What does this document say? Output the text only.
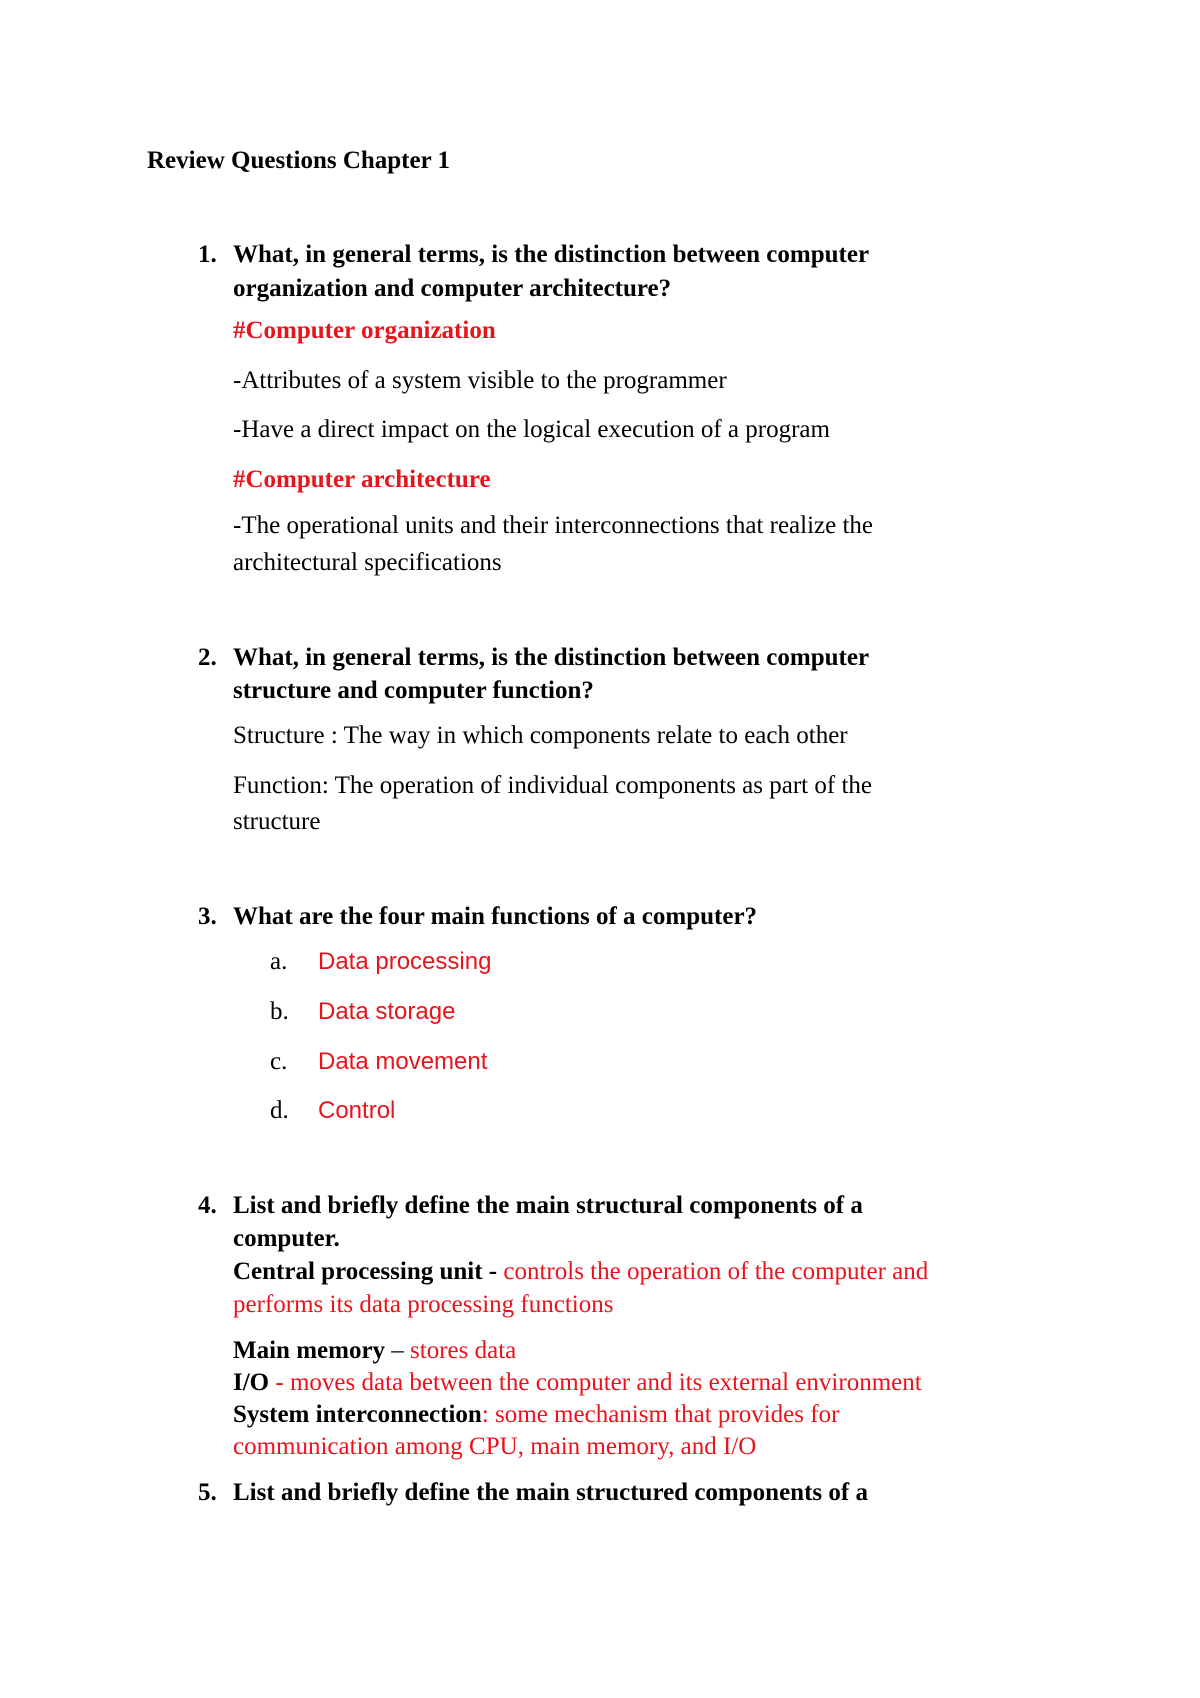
Review Questions Chapter 1
1. What, in general terms, is the distinction between computer
organization and computer architecture?
#Computer organization
-Attributes of a system visible to the programmer
-Have a direct impact on the logical execution of a program
#Computer architecture
-The operational units and their interconnections that realize the
architectural specifications
2. What, in general terms, is the distinction between computer
structure and computer function?
Structure : The way in which components relate to each other
Function: The operation of individual components as part of the
structure
3. What are the four main functions of a computer?
a. Data processing
b. Data storage
c. Data movement
d. Control
4. List and briefly define the main structural components of a
computer.
Central processing unit - controls the operation of the computer and
performs its data processing functions
Main memory – stores data
I/O - moves data between the computer and its external environment
System interconnection: some mechanism that provides for
communication among CPU, main memory, and I/O
5. List and briefly define the main structured components of a
